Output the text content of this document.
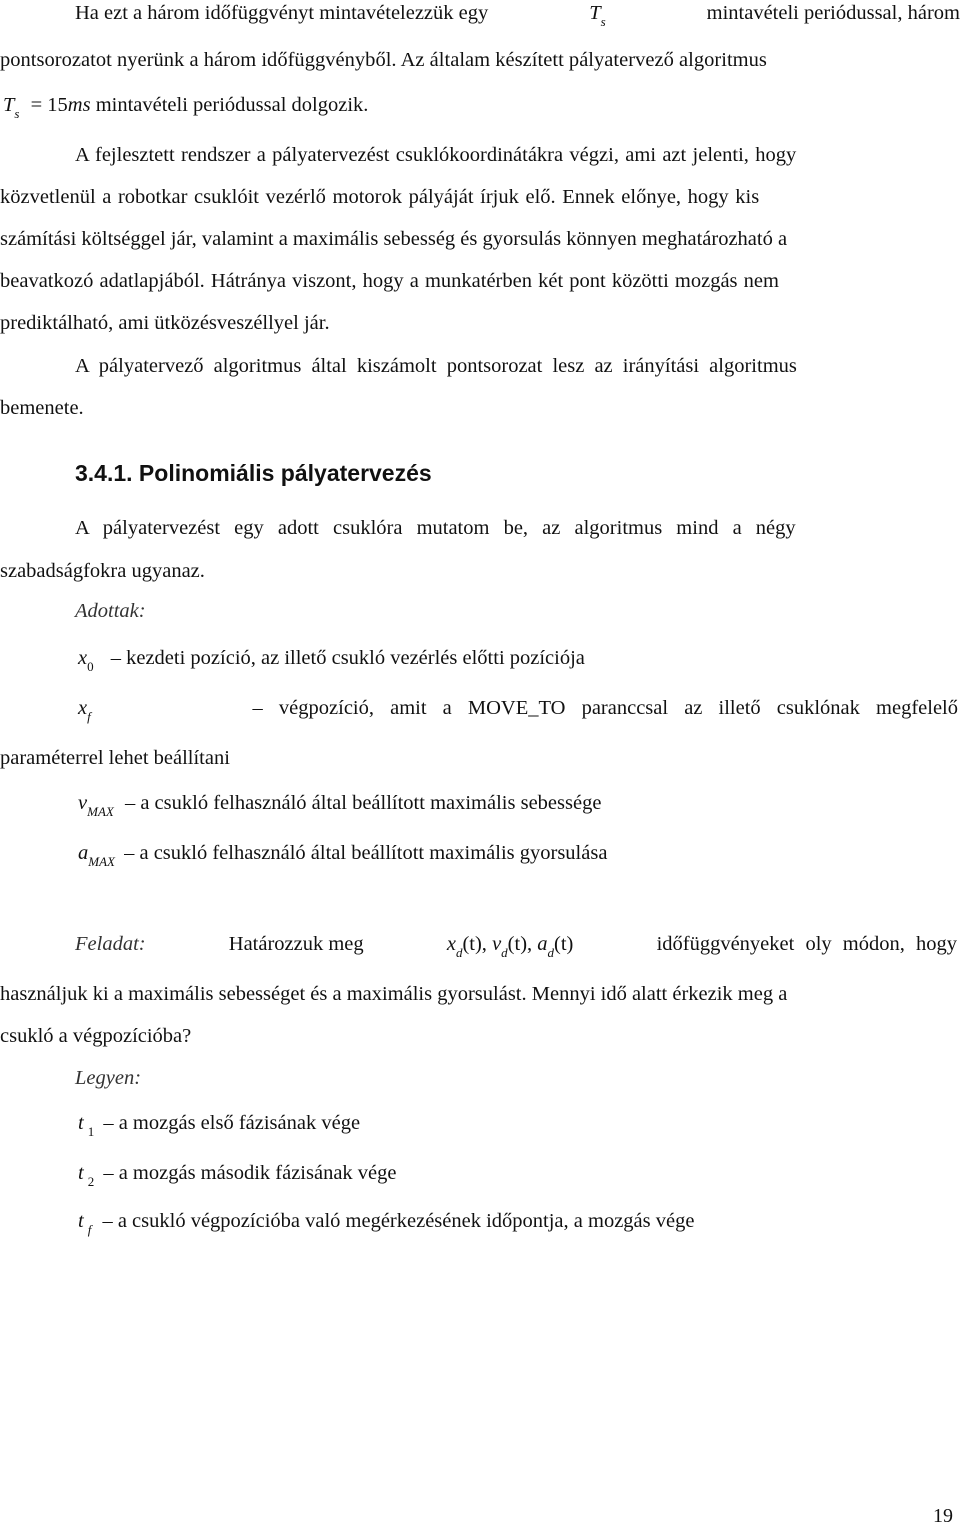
Ha ezt a három időfüggvényt mintavételezzük egy	Ts	mintavételi periódussal, három
pontsorozatot nyerünk a három időfüggvényből. Az általam készített pályatervező algoritmus
$T_s = 15ms$ mintavételi periódussal dolgozik.
A fejlesztett rendszer a pályatervezést csuklókoordinátákra végzi, ami azt jelenti, hogy
közvetlenül a robotkar csuklóit vezérlő motorok pályáját írjuk elő. Ennek előnye, hogy kis
számítási költséggel jár, valamint a maximális sebesség és gyorsulás könnyen meghatározható a
beavatkozó adatlapjából. Hátránya viszont, hogy a munkatérben két pont közötti mozgás nem
prediktálható, ami ütközésveszéllyel jár.
A pályatervező algoritmus által kiszámolt pontsorozat lesz az irányítási algoritmus
bemenete.
3.4.1. Polinomiális pályatervezés
A pályatervezést egy adott csuklóra mutatom be, az algoritmus mind a négy
szabadságfokra ugyanaz.
Adottak:
$x_0$ – kezdeti pozíció, az illető csukló vezérlés előtti pozíciója
$x_f$	– végpozíció, amit a MOVE_TO paranccsal az illető csuklónak megfelelő
paraméterrel lehet beállítani
$v_{MAX}$ – a csukló felhasználó által beállított maximális sebessége
$a_{MAX}$ – a csukló felhasználó által beállított maximális gyorsulása
Feladat:	Határozzuk meg	$x_d(t)$, $v_d(t)$, $a_d(t)$	időfüggvényeket oly módon, hogy
használjuk ki a maximális sebességet és a maximális gyorsulást. Mennyi idő alatt érkezik meg a
csukló a végpozícióba?
Legyen:
t $_1$ – a mozgás első fázisának vége
t $_2$ – a mozgás második fázisának vége
t $_f$ – a csukló végpozícióba való megérkezésének időpontja, a mozgás vége
19
